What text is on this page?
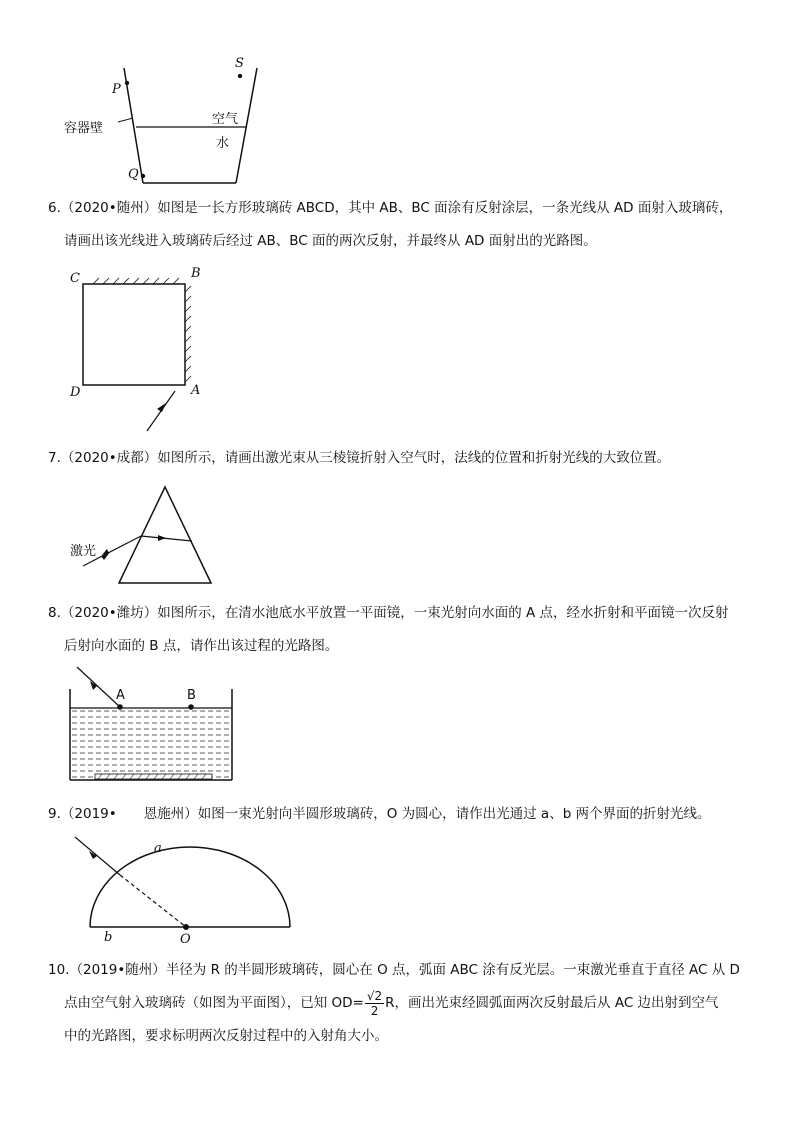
P
S
Q
容器壁
空气
水
6.（2020•随州）如图是一长方形玻璃砖 ABCD，其中 AB、BC 面涂有反射涂层，一条光线从 AD 面射入玻璃砖，
请画出该光线进入玻璃砖后经过 AB、BC 面的两次反射，并最终从 AD 面射出的光路图。
C	B
D	A
7.（2020•成都）如图所示，请画出激光束从三棱镜折射入空气时，法线的位置和折射光线的大致位置。
激光
8.（2020•潍坊）如图所示，在清水池底水平放置一平面镜，一束光射向水面的 A 点，经水折射和平面镜一次反射
后射向水面的 B 点，请作出该过程的光路图。
A	B
9.（2019•　　恩施州）如图一束光射向半圆形玻璃砖，O 为圆心，请作出光通过 a、b 两个界面的折射光线。
a
b	O
10.（2019•随州）半径为 R 的半圆形玻璃砖，圆心在 O 点，弧面 ABC 涂有反光层。一束激光垂直于直径 AC 从 D
点由空气射入玻璃砖（如图为平面图），已知 $OD= \frac{√2}{2}$ R，画出光束经圆弧面两次反射最后从 AC 边出射到空气
中的光路图，要求标明两次反射过程中的入射角大小。
